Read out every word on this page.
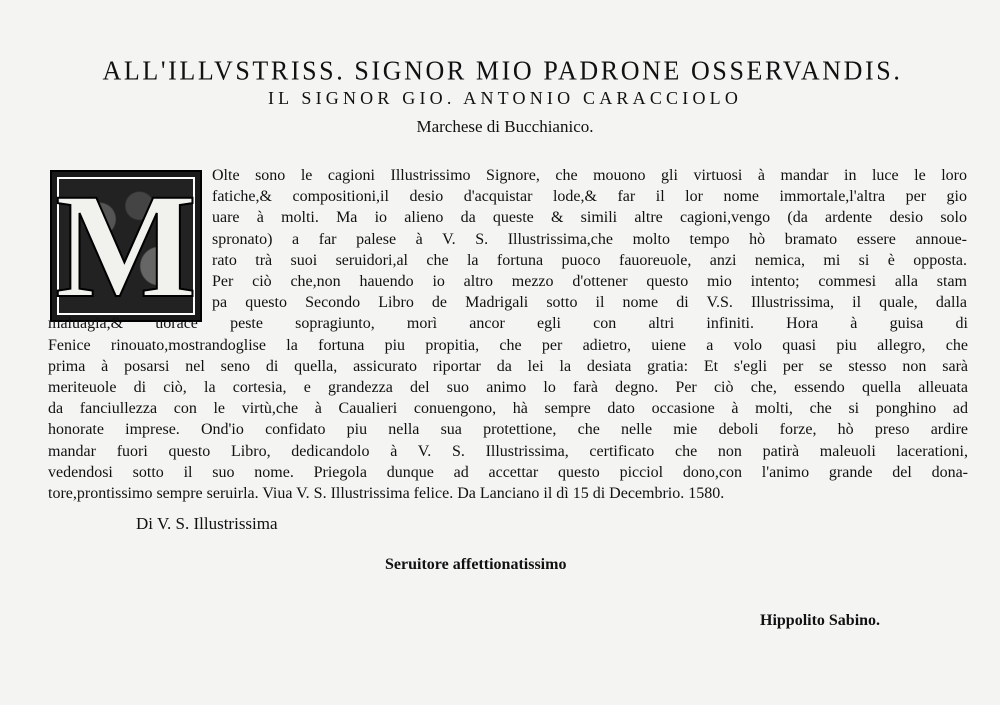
ALL'ILLVSTRISS. SIGNOR MIO PADRONE OSSERVANDIS.
IL SIGNOR GIO. ANTONIO CARACCIOLO
Marchese di Bucchianico.
M Olte sono le cagioni Illustrissimo Signore, che mouono gli virtuosi à mandar in luce le loro
fatiche,& compositioni,il desio d'acquistar lode,& far il lor nome immortale,l'altra per gio
uare à molti. Ma io alieno da queste & simili altre cagioni,vengo (da ardente desio solo
spronato) a far palese à V. S. Illustrissima,che molto tempo hò bramato essere annoue-
rato trà suoi seruidori,al che la fortuna puoco fauoreuole, anzi nemica, mi si è opposta.
Per ciò che,non hauendo io altro mezzo d'ottener questo mio intento; commesi alla stam
pa questo Secondo Libro de Madrigali sotto il nome di V.S. Illustrissima, il quale, dalla
maluagia,& uorace peste sopragiunto, morì ancor egli con altri infiniti. Hora à guisa di
Fenice rinouato,mostrandoglise la fortuna piu propitia, che per adietro, uiene a volo quasi piu allegro, che
prima à posarsi nel seno di quella, assicurato riportar da lei la desiata gratia: Et s'egli per se stesso non sarà
meriteuole di ciò, la cortesia, e grandezza del suo animo lo farà degno. Per ciò che, essendo quella alleuata
da fanciullezza con le virtù,che à Caualieri conuengono, hà sempre dato occasione à molti, che si ponghino ad
honorate imprese. Ond'io confidato piu nella sua protettione, che nelle mie deboli forze, hò preso ardire
mandar fuori questo Libro, dedicandolo à V. S. Illustrissima, certificato che non patirà maleuoli lacerationi,
vedendosi sotto il suo nome. Priegola dunque ad accettar questo picciol dono,con l'animo grande del dona-
tore,prontissimo sempre seruirla. Viua V. S. Illustrissima felice. Da Lanciano il dì 15 di Decembrio. 1580.
Di V. S. Illustrissima
Seruitore affettionatissimo
Hippolito Sabino.
